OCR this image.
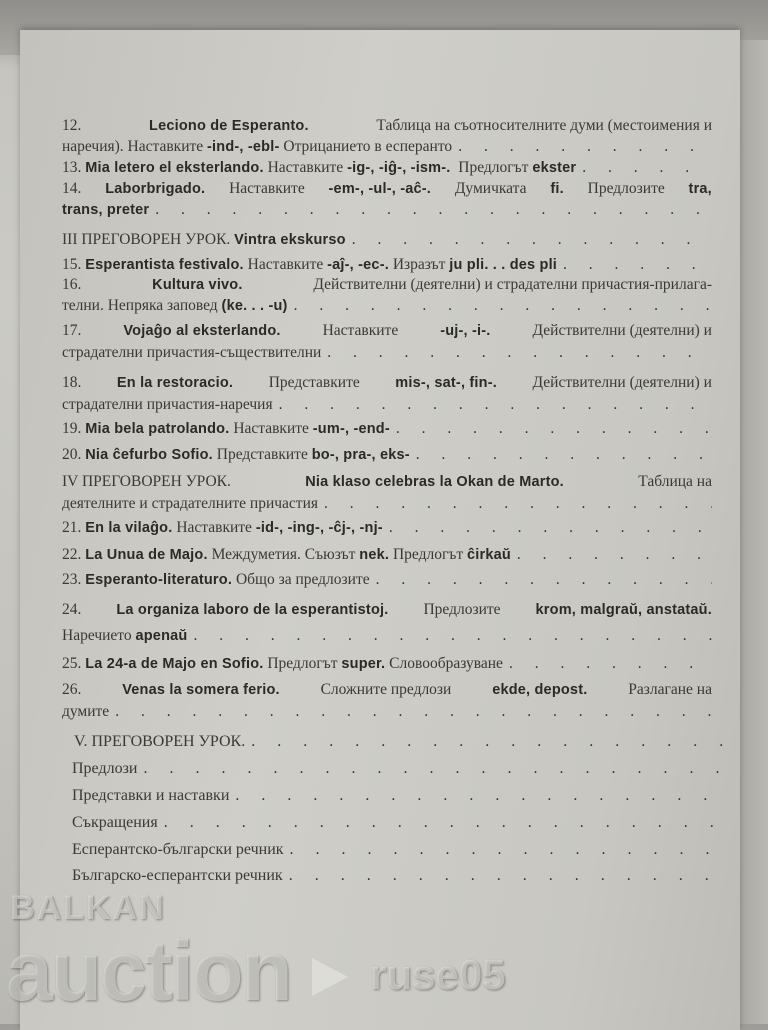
12.	Leciono de Esperanto.	Таблица на съотносителните думи (местоимения и
наречия). Наставките -ind-, -ebl- Отрицанието в есперанто
. . .
13. Mia letero el eksterlando. Наставките -ig-, -iĝ-, -ism-. Предлогът ekster
. . .
14. Laborbrigado. Наставките -em-, -ul-, -aĉ-. Думичката fi. Предлозите tra,
trans, preter
. . .
III ПРЕГОВОРЕН УРОК. Vintra ekskurso
. . .
15. Esperantista festivalo. Наставките -aĵ-, -ec-. Изразът ju pli. . . des pli
. . .
16.	Kultura vivo.	Действителни (деятелни) и страдателни причастия-прилага-
телни. Непряка заповед (ke. . . -u)
. . .
17.	Vojaĝo al eksterlando. Наставките	-uj-, -i-. Действителни (деятелни) и
страдателни причастия-съществителни
. . .
18. En la restoracio. Представките mis-, sat-, fin-. Действителни (деятелни) и
страдателни причастия-наречия
. . .
19. Mia bela patrolando. Наставките -um-, -end-
. . .
20. Nia ĉefurbo Sofio. Представките bo-, pra-, eks-
. . .
IV ПРЕГОВОРЕН УРОК.	Nia klaso celebras la Okan de Marto.	Таблица на
деятелните и страдателните причастия
. . .
21. En la vilaĝo. Наставките -id-, -ing-, -ĉj-, -nj-
. . .
22. La Unua de Majo. Междуметия. Съюзът nek. Предлогът ĉirkaŭ
. . .
23. Esperanto-literaturo. Общо за предлозите
. . .
24. La organiza laboro de la esperantistoj. Предлозите krom, malgraŭ, anstataŭ.
Наречието apenaŭ
. . .
25. La 24-a de Majo en Sofio. Предлогът super. Словообразуване
. . .
26.	Venas la somera ferio. Сложните предлози	ekde, depost. Разлагане на
думите
. . .
V. ПРЕГОВОРЕН УРОК.
. . .
Предлози
. . .
Представки и наставки
. . .
Съкращения
. . .
Есперантско-български речник
. . .
Българско-есперантски речник
. . .
BALKAN
auction ruse05
